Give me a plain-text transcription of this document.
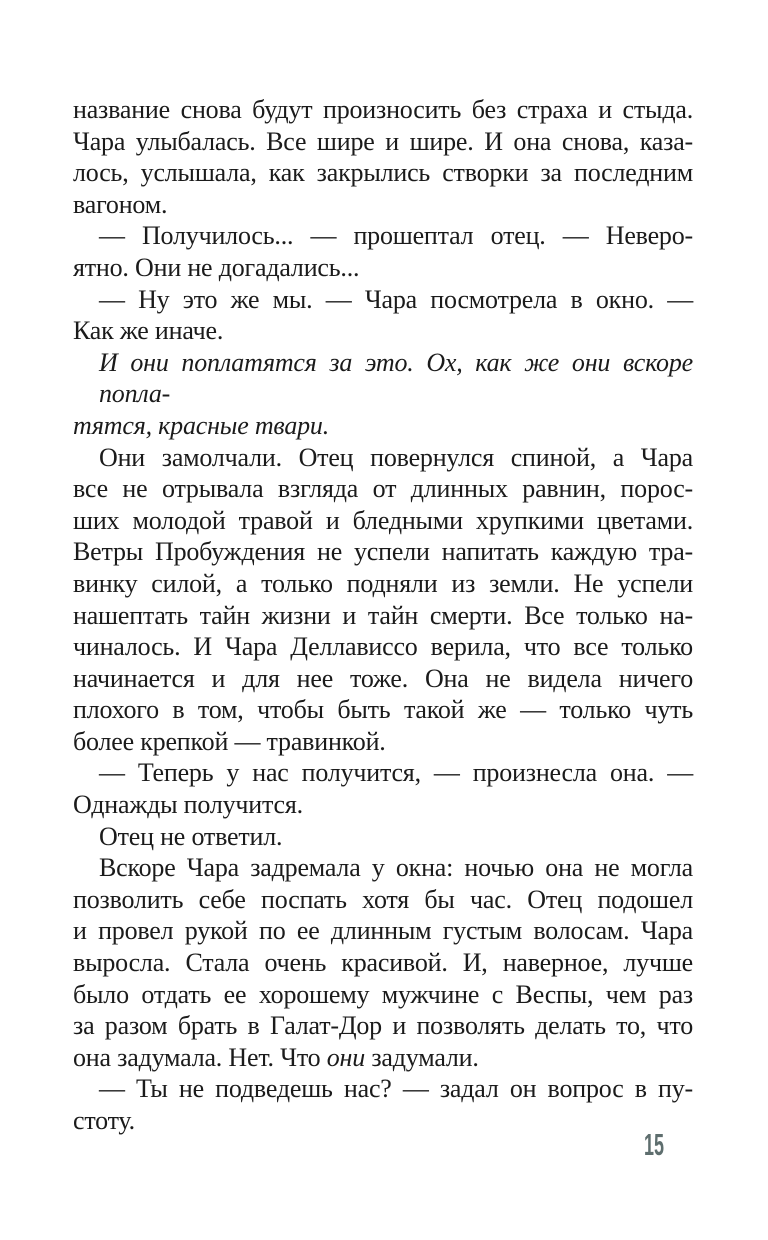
название снова будут произносить без страха и стыда.
Чара улыбалась. Все шире и шире. И она снова, каза-
лось, услышала, как закрылись створки за последним
вагоном.
— Получилось... — прошептал отец. — Неверо-
ятно. Они не догадались...
— Ну это же мы. — Чара посмотрела в окно. —
Как же иначе.
И они поплатятся за это. Ох, как же они вскоре попла-
тятся, красные твари.
Они замолчали. Отец повернулся спиной, а Чара
все не отрывала взгляда от длинных равнин, порос-
ших молодой травой и бледными хрупкими цветами.
Ветры Пробуждения не успели напитать каждую тра-
винку силой, а только подняли из земли. Не успели
нашептать тайн жизни и тайн смерти. Все только на-
чиналось. И Чара Деллависсо верила, что все только
начинается и для нее тоже. Она не видела ничего
плохого в том, чтобы быть такой же — только чуть
более крепкой — травинкой.
— Теперь у нас получится, — произнесла она. —
Однажды получится.
Отец не ответил.
Вскоре Чара задремала у окна: ночью она не могла
позволить себе поспать хотя бы час. Отец подошел
и провел рукой по ее длинным густым волосам. Чара
выросла. Стала очень красивой. И, наверное, лучше
было отдать ее хорошему мужчине с Веспы, чем раз
за разом брать в Галат-Дор и позволять делать то, что
она задумала. Нет. Что они задумали.
— Ты не подведешь нас? — задал он вопрос в пу-
стоту.
15
